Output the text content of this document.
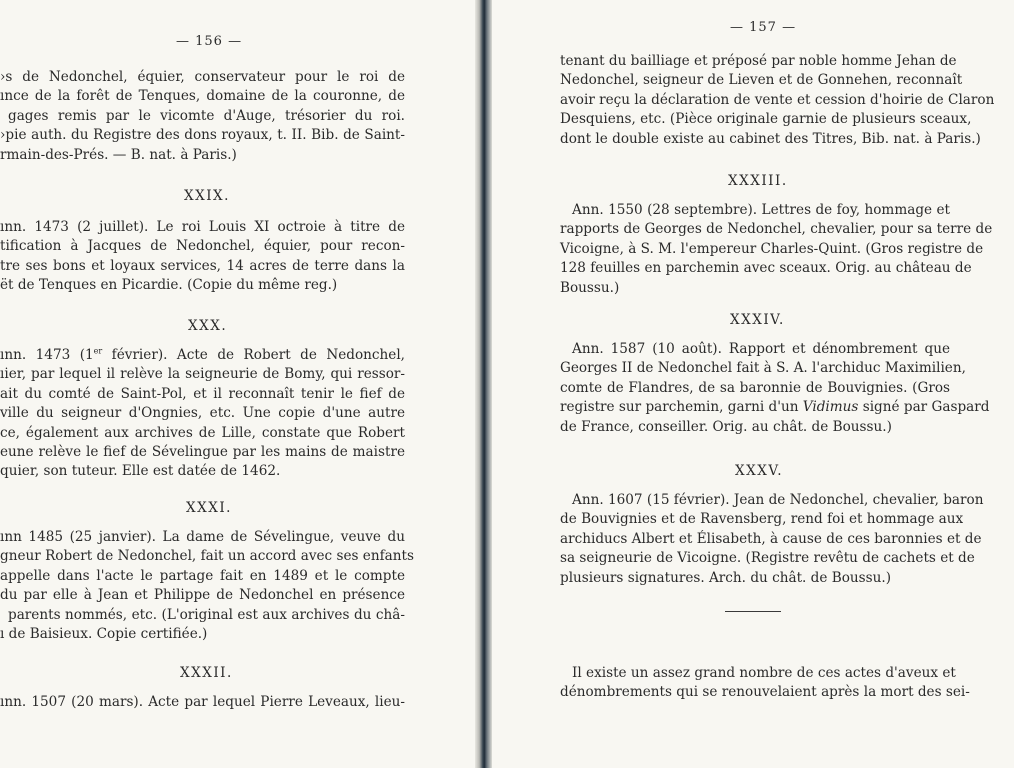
— 156 —
›s de Nedonchel, équier, conservateur pour le roi de
ınce de la forêt de Tenques, domaine de la couronne, de
gages remis par le vicomte d'Auge, trésorier du roi.
›pie auth. du Registre des dons royaux, t. II. Bib. de Saint-
rmain-des-Prés. — B. nat. à Paris.)
XXIX.
ınn. 1473 (2 juillet). Le roi Louis XI octroie à titre de
tification à Jacques de Nedonchel, équier, pour recon-
tre ses bons et loyaux services, 14 acres de terre dans la
ët de Tenques en Picardie. (Copie du même reg.)
XXX.
ınn. 1473 (1er février). Acte de Robert de Nedonchel,
ıier, par lequel il relève la seigneurie de Bomy, qui ressor-
ait du comté de Saint-Pol, et il reconnaît tenir le fief de
ville du seigneur d'Ongnies, etc. Une copie d'une autre
ce, également aux archives de Lille, constate que Robert
eune relève le fief de Sévelingue par les mains de maistre
quier, son tuteur. Elle est datée de 1462.
XXXI.
ınn 1485 (25 janvier). La dame de Sévelingue, veuve du
gneur Robert de Nedonchel, fait un accord avec ses enfants
appelle dans l'acte le partage fait en 1489 et le compte
du par elle à Jean et Philippe de Nedonchel en présence
parents nommés, etc. (L'original est aux archives du châ-
ı de Baisieux. Copie certifiée.)
XXXII.
ınn. 1507 (20 mars). Acte par lequel Pierre Leveaux, lieu-
— 157 —
tenant du bailliage et préposé par noble homme Jehan de
Nedonchel, seigneur de Lieven et de Gonnehen, reconnaît
avoir reçu la déclaration de vente et cession d'hoirie de Claron
Desquiens, etc. (Pièce originale garnie de plusieurs sceaux,
dont le double existe au cabinet des Titres, Bib. nat. à Paris.)
XXXIII.
Ann. 1550 (28 septembre). Lettres de foy, hommage et
rapports de Georges de Nedonchel, chevalier, pour sa terre de
Vicoigne, à S. M. l'empereur Charles-Quint. (Gros registre de
128 feuilles en parchemin avec sceaux. Orig. au château de
Boussu.)
XXXIV.
Ann. 1587 (10 août). Rapport et dénombrement que
Georges II de Nedonchel fait à S. A. l'archiduc Maximilien,
comte de Flandres, de sa baronnie de Bouvignies. (Gros
registre sur parchemin, garni d'un Vidimus signé par Gaspard
de France, conseiller. Orig. au chât. de Boussu.)
XXXV.
Ann. 1607 (15 février). Jean de Nedonchel, chevalier, baron
de Bouvignies et de Ravensberg, rend foi et hommage aux
archiducs Albert et Élisabeth, à cause de ces baronnies et de
sa seigneurie de Vicoigne. (Registre revêtu de cachets et de
plusieurs signatures. Arch. du chât. de Boussu.)
Il existe un assez grand nombre de ces actes d'aveux et
dénombrements qui se renouvelaient après la mort des sei-
